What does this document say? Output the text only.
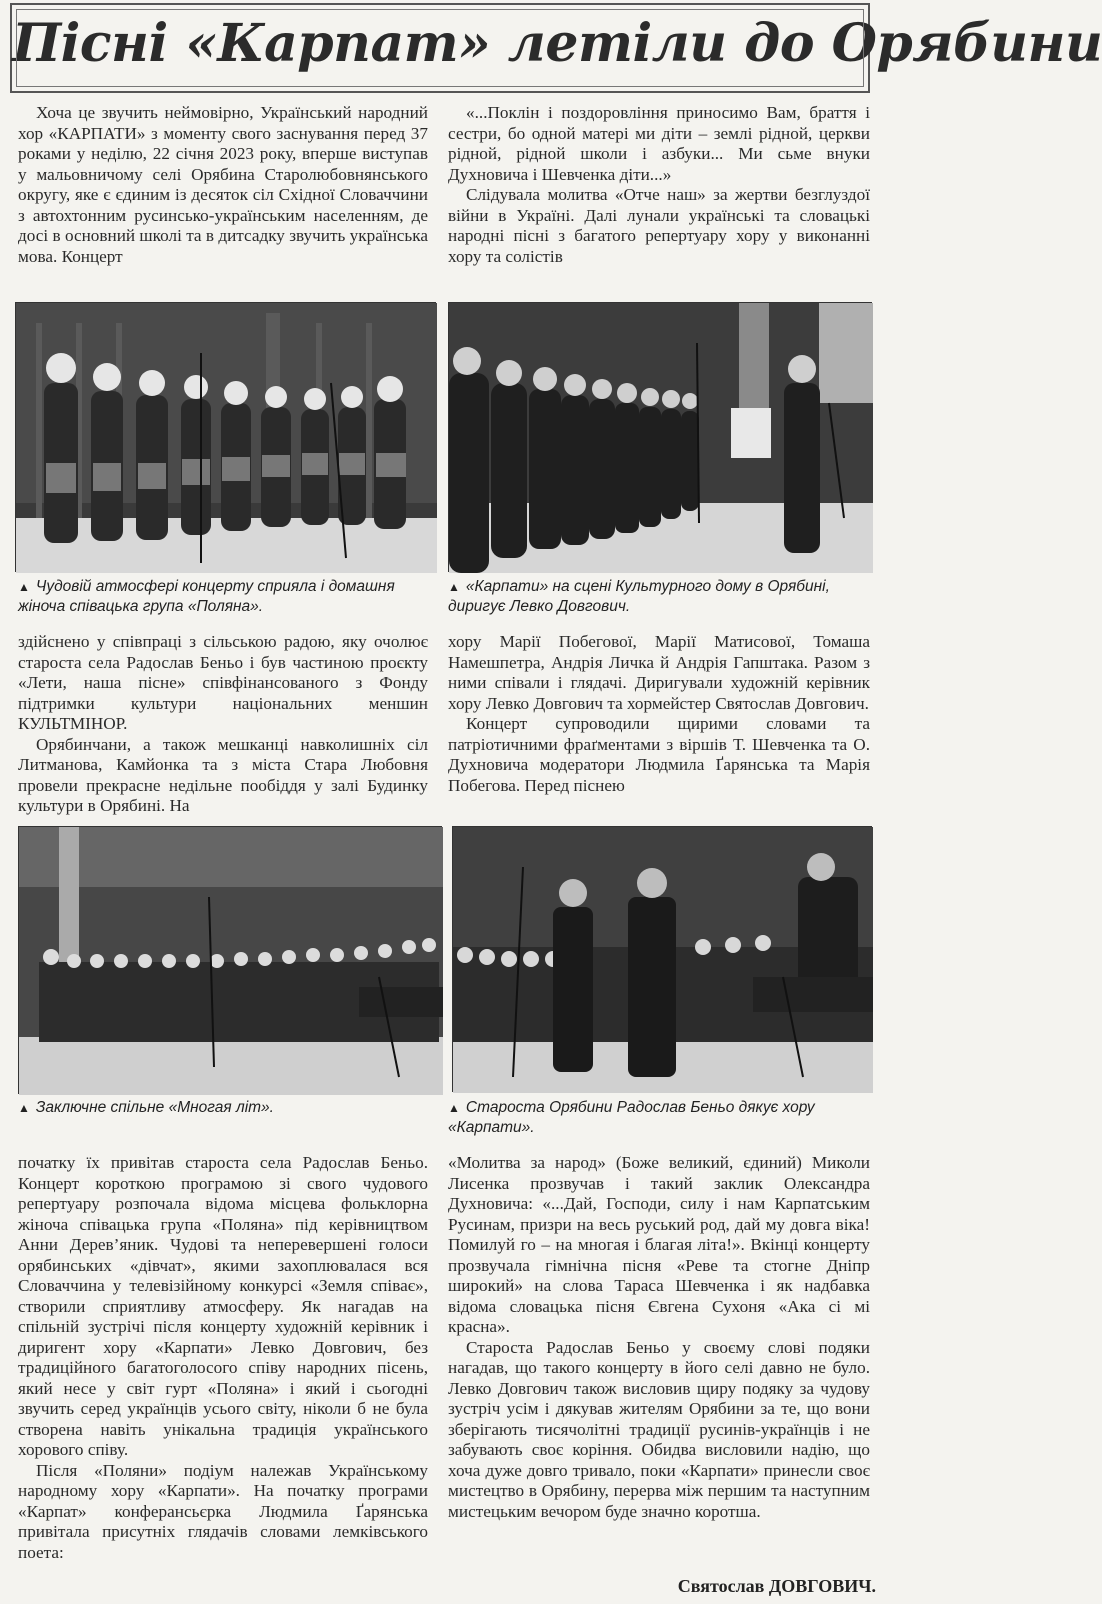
Пісні «Карпат» летіли до Орябини

Хоча це звучить неймовірно, Український народний хор «КАРПАТИ» з моменту свого заснування перед 37 роками у неділю, 22 січня 2023 року, вперше виступав у мальовничому селі Орябина Старолюбовнянського округу, яке є єдиним із десяток сіл Східної Словаччини з автохтонним русинсько-українським населенням, де досі в основний школі та в дитсадку звучить українська мова. Концерт

«...Поклін і поздоровління приносимо Вам, браття і сестри, бо одной матері ми діти – землі рідной, церкви рідной, рідной школи і азбуки... Ми сьме внуки Духновича і Шевченка діти...»

Слідувала молитва «Отче наш» за жертви безглуздої війни в Україні. Далі лунали українські та словацькі народні пісні з багатого репертуару хору у виконанні хору та солістів

▲ Чудовій атмосфері концерту сприяла і домашня жіноча співацька група «Поляна».
▲ «Карпати» на сцені Культурного дому в Орябині, диригує Левко Довгович.

здійснено у співпраці з сільською радою, яку очолює староста села Радослав Беньо і був частиною проєкту «Лети, наша пісне» співфінансованого з Фонду підтримки культури національних меншин КУЛЬТМІНОР.

Орябинчани, а також мешканці навколишніх сіл Литманова, Камйонка та з міста Стара Любовня провели прекрасне недільне пообіддя у залі Будинку культури в Орябині. На

хору Марії Побегової, Марії Матисової, Томаша Намешпетра, Андрія Личка й Андрія Гапштака. Разом з ними співали і глядачі. Диригували художній керівник хору Левко Довгович та хормейстер Святослав Довгович.

Концерт супроводили щирими словами та патріотичними фраґментами з віршів Т. Шевченка та О. Духновича модератори Людмила Ґарянська та Марія Побегова. Перед піснею

▲ Заключне спільне «Многая літ».	▲ Староста Орябини Радослав Беньо дякує хору «Карпати».

початку їх привітав староста села Радослав Беньо. Концерт короткою програмою зі свого чудового репертуару розпочала відома місцева фольклорна жіноча співацька група «Поляна» під керівництвом Анни Дерев’яник. Чудові та неперевершені голоси орябинських «дівчат», якими захоплювалася вся Словаччина у телевізійному конкурсі «Земля співає», створили сприятливу атмосферу. Як нагадав на спільній зустрічі після концерту художній керівник і диригент хору «Карпати» Левко Довгович, без традиційного багатоголосого співу народних пісень, який несе у світ гурт «Поляна» і який і сьогодні звучить серед українців усього світу, ніколи б не була створена навіть унікальна традиція українського хорового співу.

Після «Поляни» подіум належав Українському народному хору «Карпати». На початку програми «Карпат» конферансьєрка Людмила Ґарянська привітала присутніх глядачів словами лемківського поета:

«Молитва за народ» (Боже великий, єдиний) Миколи Лисенка прозвучав і такий заклик Олександра Духновича: «...Дай, Господи, силу і нам Карпатським Русинам, призри на весь руський род, дай му довга віка! Помилуй го – на многая і благая літа!». Вкінці концерту прозвучала гімнічна пісня «Реве та стогне Дніпр широкий» на слова Тараса Шевченка і як надбавка відома словацька пісня Євгена Сухоня «Ака сі мі красна».

Староста Радослав Беньо у своєму слові подяки нагадав, що такого концерту в його селі давно не було. Левко Довгович також висловив щиру подяку за чудову зустріч усім і дякував жителям Орябини за те, що вони зберігають тисячолітні традиції русинів-українців і не забувають своє коріння. Обидва висловили надію, що хоча дуже довго тривало, поки «Карпати» принесли своє мистецтво в Орябину, перерва між першим та наступним мистецьким вечором буде значно коротша.

Святослав ДОВГОВИЧ.
